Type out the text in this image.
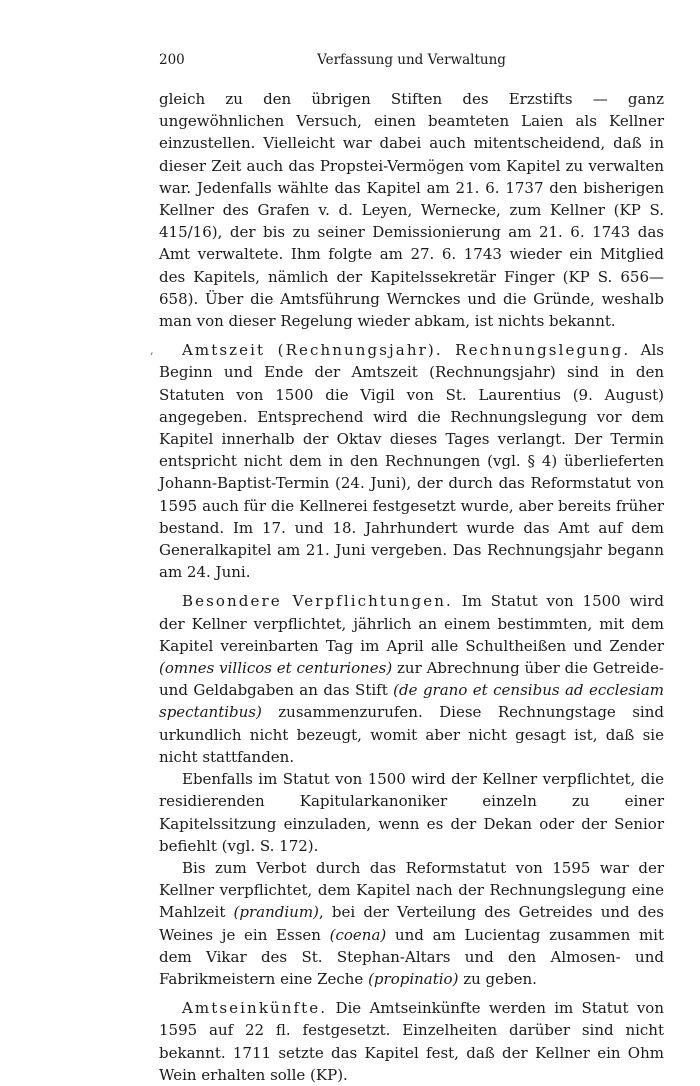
200	Verfassung und Verwaltung
‚

gleich zu den übrigen Stiften des Erzstifts — ganz ungewöhnlichen Versuch, einen beamteten Laien als Kellner einzustellen. Vielleicht war dabei auch mitentscheidend, daß in dieser Zeit auch das Propstei-Vermögen vom Kapitel zu verwalten war. Jedenfalls wählte das Kapitel am 21. 6. 1737 den bisherigen Kellner des Grafen v. d. Leyen, Wernecke, zum Kellner (KP S. 415/16), der bis zu seiner Demissionierung am 21. 6. 1743 das Amt verwaltete. Ihm folgte am 27. 6. 1743 wieder ein Mitglied des Kapitels, nämlich der Kapitelssekretär Finger (KP S. 656—658). Über die Amtsführung Wernckes und die Gründe, weshalb man von dieser Regelung wieder abkam, ist nichts bekannt.

Amtszeit (Rechnungsjahr). Rechnungslegung. Als Beginn und Ende der Amtszeit (Rechnungsjahr) sind in den Statuten von 1500 die Vigil von St. Laurentius (9. August) angegeben. Entsprechend wird die Rechnungslegung vor dem Kapitel innerhalb der Oktav dieses Tages verlangt. Der Termin entspricht nicht dem in den Rechnungen (vgl. § 4) überlieferten Johann-Baptist-Termin (24. Juni), der durch das Reformstatut von 1595 auch für die Kellnerei festgesetzt wurde, aber bereits früher bestand. Im 17. und 18. Jahrhundert wurde das Amt auf dem Generalkapitel am 21. Juni vergeben. Das Rechnungsjahr begann am 24. Juni.

Besondere Verpflichtungen. Im Statut von 1500 wird der Kellner verpflichtet, jährlich an einem bestimmten, mit dem Kapitel vereinbarten Tag im April alle Schultheißen und Zender (omnes villicos et centuriones) zur Abrechnung über die Getreide- und Geldabgaben an das Stift (de grano et censibus ad ecclesiam spectantibus) zusammenzurufen. Diese Rechnungstage sind urkundlich nicht bezeugt, womit aber nicht gesagt ist, daß sie nicht stattfanden.

Ebenfalls im Statut von 1500 wird der Kellner verpflichtet, die residierenden Kapitularkanoniker einzeln zu einer Kapitelssitzung einzuladen, wenn es der Dekan oder der Senior befiehlt (vgl. S. 172).

Bis zum Verbot durch das Reformstatut von 1595 war der Kellner verpflichtet, dem Kapitel nach der Rechnungslegung eine Mahlzeit (prandium), bei der Verteilung des Getreides und des Weines je ein Essen (coena) und am Lucientag zusammen mit dem Vikar des St. Stephan-Altars und den Almosen- und Fabrikmeistern eine Zeche (propinatio) zu geben.

Amtseinkünfte. Die Amtseinkünfte werden im Statut von 1595 auf 22 fl. festgesetzt. Einzelheiten darüber sind nicht bekannt. 1711 setzte das Kapitel fest, daß der Kellner ein Ohm Wein erhalten solle (KP).
